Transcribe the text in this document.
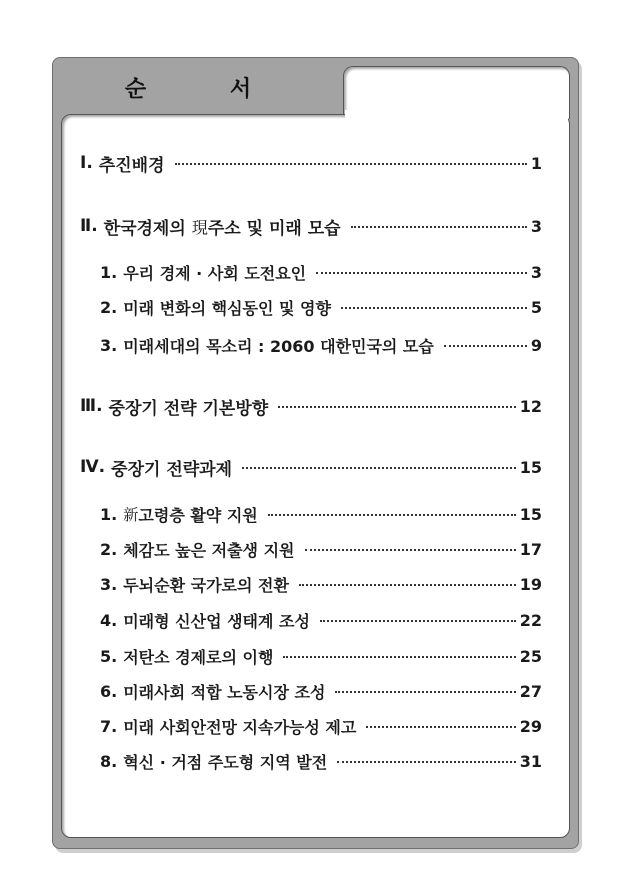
순 서
Ⅰ. 추진배경	1
Ⅱ. 한국경제의 現 주소 및 미래 모습	3
1. 우리 경제 · 사회 도전요인	3
2. 미래 변화의 핵심동인 및 영향	5
3. 미래세대의 목소리 : 2060 대한민국의 모습	9
Ⅲ. 중장기 전략 기본방향	12
Ⅳ. 중장기 전략과제	15
1. 新 고령층 활약 지원	15
2. 체감도 높은 저출생 지원	17
3. 두뇌순환 국가로의 전환	19
4. 미래형 신산업 생태계 조성	22
5. 저탄소 경제로의 이행	25
6. 미래사회 적합 노동시장 조성	27
7. 미래 사회안전망 지속가능성 제고	29
8. 혁신 · 거점 주도형 지역 발전	31
